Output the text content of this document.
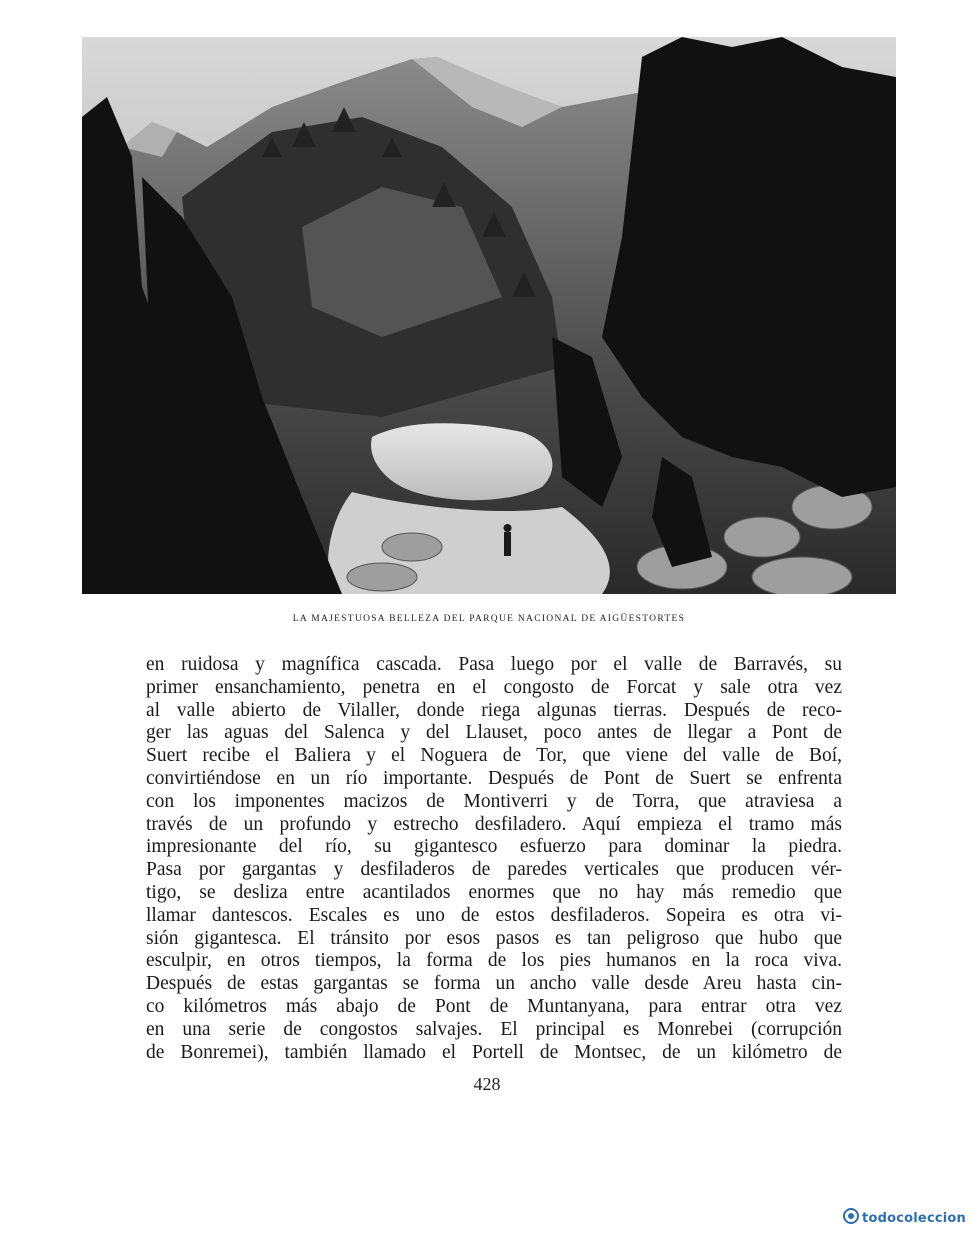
LA MAJESTUOSA BELLEZA DEL PARQUE NACIONAL DE AIGÜESTORTES
en ruidosa y magnífica cascada. Pasa luego por el valle de Barravés, su
primer ensanchamiento, penetra en el congosto de Forcat y sale otra vez
al valle abierto de Vilaller, donde riega algunas tierras. Después de reco-
ger las aguas del Salenca y del Llauset, poco antes de llegar a Pont de
Suert recibe el Baliera y el Noguera de Tor, que viene del valle de Boí,
convirtiéndose en un río importante. Después de Pont de Suert se enfrenta
con los imponentes macizos de Montiverri y de Torra, que atraviesa a
través de un profundo y estrecho desfiladero. Aquí empieza el tramo más
impresionante del río, su gigantesco esfuerzo para dominar la piedra.
Pasa por gargantas y desfiladeros de paredes verticales que producen vér-
tigo, se desliza entre acantilados enormes que no hay más remedio que
llamar dantescos. Escales es uno de estos desfiladeros. Sopeira es otra vi-
sión gigantesca. El tránsito por esos pasos es tan peligroso que hubo que
esculpir, en otros tiempos, la forma de los pies humanos en la roca viva.
Después de estas gargantas se forma un ancho valle desde Areu hasta cin-
co kilómetros más abajo de Pont de Muntanyana, para entrar otra vez
en una serie de congostos salvajes. El principal es Monrebei (corrupción
de Bonremei), también llamado el Portell de Montsec, de un kilómetro de
428
todocoleccion
